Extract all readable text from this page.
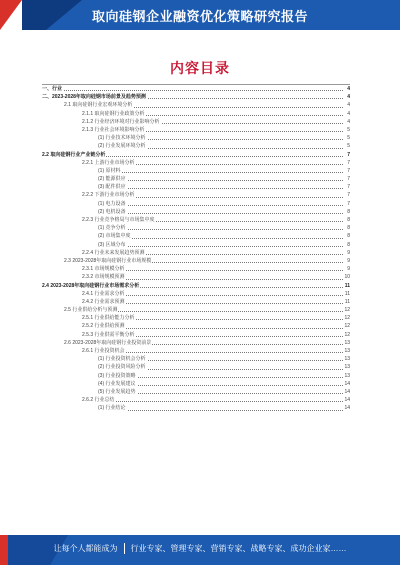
取向硅钢企业融资优化策略研究报告
内容目录
一、行业	4
二、2023-2028年取向硅钢市场前景及趋势预测	4
2.1 取向硅钢行业宏观环境分析	4
2.1.1 取向硅钢行业政策分析	4
2.1.2 行业经济环境对行业影响分析	4
2.1.3 行业社会环境影响分析	5
(1) 行业技术环境分析	5
(2) 行业发展环境分析	5
2.2 取向硅钢行业产业链分析	7
2.2.1 上游行业市场分析	7
(1) 原材料	7
(2) 能源供应	7
(3) 配件供应	7
2.2.2 下游行业市场分析	7
(1) 电力设备	7
(2) 电机设备	8
2.2.3 行业竞争格局与市场集中度	8
(1) 竞争分析	8
(2) 市场集中度	8
(3) 区域分布	8
2.2.4 行业未来发展趋势预测	9
2.3 2023-2028年取向硅钢行业市场规模	9
2.3.1 市场规模分析	9
2.3.2 市场规模预测	10
2.4 2023-2028年取向硅钢行业市场需求分析	11
2.4.1 行业需求分析	11
2.4.2 行业需求预测	11
2.5 行业供给分析与预测	12
2.5.1 行业供给能力分析	12
2.5.2 行业供给预测	12
2.5.3 行业供需平衡分析	12
2.6 2023-2028年取向硅钢行业投资前景	13
2.6.1 行业投资机会	13
(1) 行业投资机会分析	13
(2) 行业投资风险分析	13
(3) 行业投资策略	13
(4) 行业发展建议	14
(5) 行业发展趋势	14
2.6.2 行业总结	14
(1) 行业结论	14
让每个人都能成为 行业专家、管理专家、营销专家、战略专家、成功企业家……
